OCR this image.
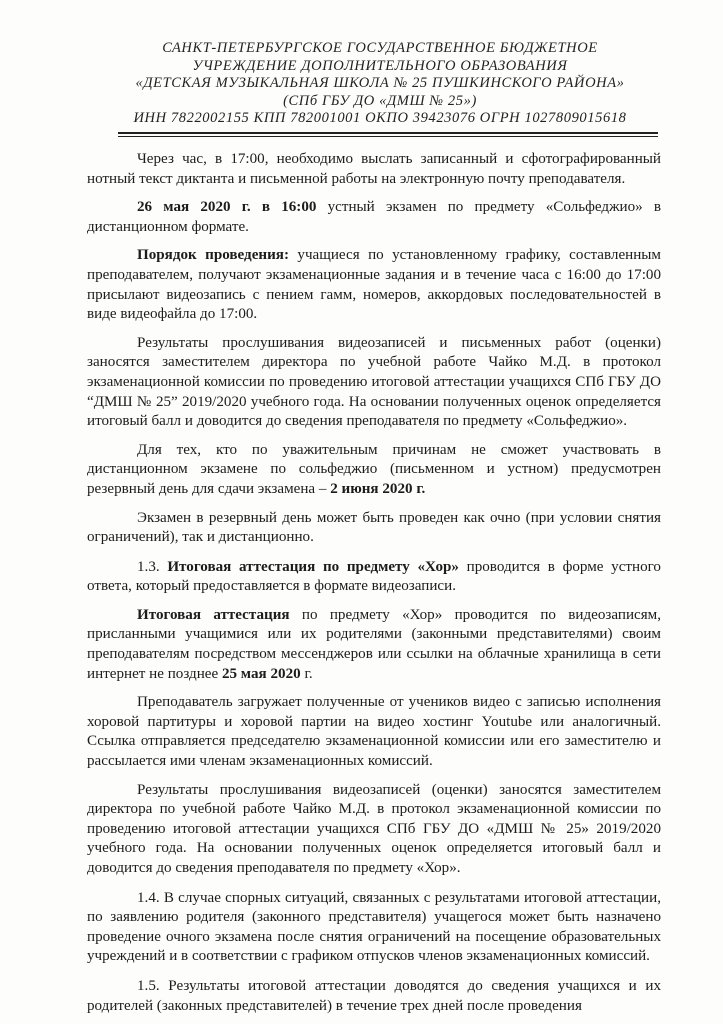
САНКТ-ПЕТЕРБУРГСКОЕ ГОСУДАРСТВЕННОЕ БЮДЖЕТНОЕ
УЧРЕЖДЕНИЕ ДОПОЛНИТЕЛЬНОГО ОБРАЗОВАНИЯ
«ДЕТСКАЯ МУЗЫКАЛЬНАЯ ШКОЛА № 25 ПУШКИНСКОГО РАЙОНА»
(СПб ГБУ ДО «ДМШ № 25»)
ИНН 7822002155 КПП 782001001 ОКПО 39423076 ОГРН 1027809015618

Через час, в 17:00, необходимо выслать записанный и сфотографированный нотный текст диктанта и письменной работы на электронную почту преподавателя.

26 мая 2020 г. в 16:00 устный экзамен по предмету «Сольфеджио» в дистанционном формате.

Порядок проведения: учащиеся по установленному графику, составленным преподавателем, получают экзаменационные задания и в течение часа с 16:00 до 17:00 присылают видеозапись с пением гамм, номеров, аккордовых последовательностей в виде видеофайла до 17:00.

Результаты прослушивания видеозаписей и письменных работ (оценки) заносятся заместителем директора по учебной работе Чайко М.Д. в протокол экзаменационной комиссии по проведению итоговой аттестации учащихся СПб ГБУ ДО “ДМШ № 25” 2019/2020 учебного года. На основании полученных оценок определяется итоговый балл и доводится до сведения преподавателя по предмету «Сольфеджио».

Для тех, кто по уважительным причинам не сможет участвовать в дистанционном экзамене по сольфеджио (письменном и устном) предусмотрен резервный день для сдачи экзамена – 2 июня 2020 г.

Экзамен в резервный день может быть проведен как очно (при условии снятия ограничений), так и дистанционно.

1.3. Итоговая аттестация по предмету «Хор» проводится в форме устного ответа, который предоставляется в формате видеозаписи.

Итоговая аттестация по предмету «Хор» проводится по видеозаписям, присланными учащимися или их родителями (законными представителями) своим преподавателям посредством мессенджеров или ссылки на облачные хранилища в сети интернет не позднее 25 мая 2020 г.

Преподаватель загружает полученные от учеников видео с записью исполнения хоровой партитуры и хоровой партии на видео хостинг Youtube или аналогичный. Ссылка отправляется председателю экзаменационной комиссии или его заместителю и рассылается ими членам экзаменационных комиссий.

Результаты прослушивания видеозаписей (оценки) заносятся заместителем директора по учебной работе Чайко М.Д. в протокол экзаменационной комиссии по проведению итоговой аттестации учащихся СПб ГБУ ДО «ДМШ № 25» 2019/2020 учебного года. На основании полученных оценок определяется итоговый балл и доводится до сведения преподавателя по предмету «Хор».

1.4. В случае спорных ситуаций, связанных с результатами итоговой аттестации, по заявлению родителя (законного представителя) учащегося может быть назначено проведение очного экзамена после снятия ограничений на посещение образовательных учреждений и в соответствии с графиком отпусков членов экзаменационных комиссий.

1.5. Результаты итоговой аттестации доводятся до сведения учащихся и их родителей (законных представителей) в течение трех дней после проведения
